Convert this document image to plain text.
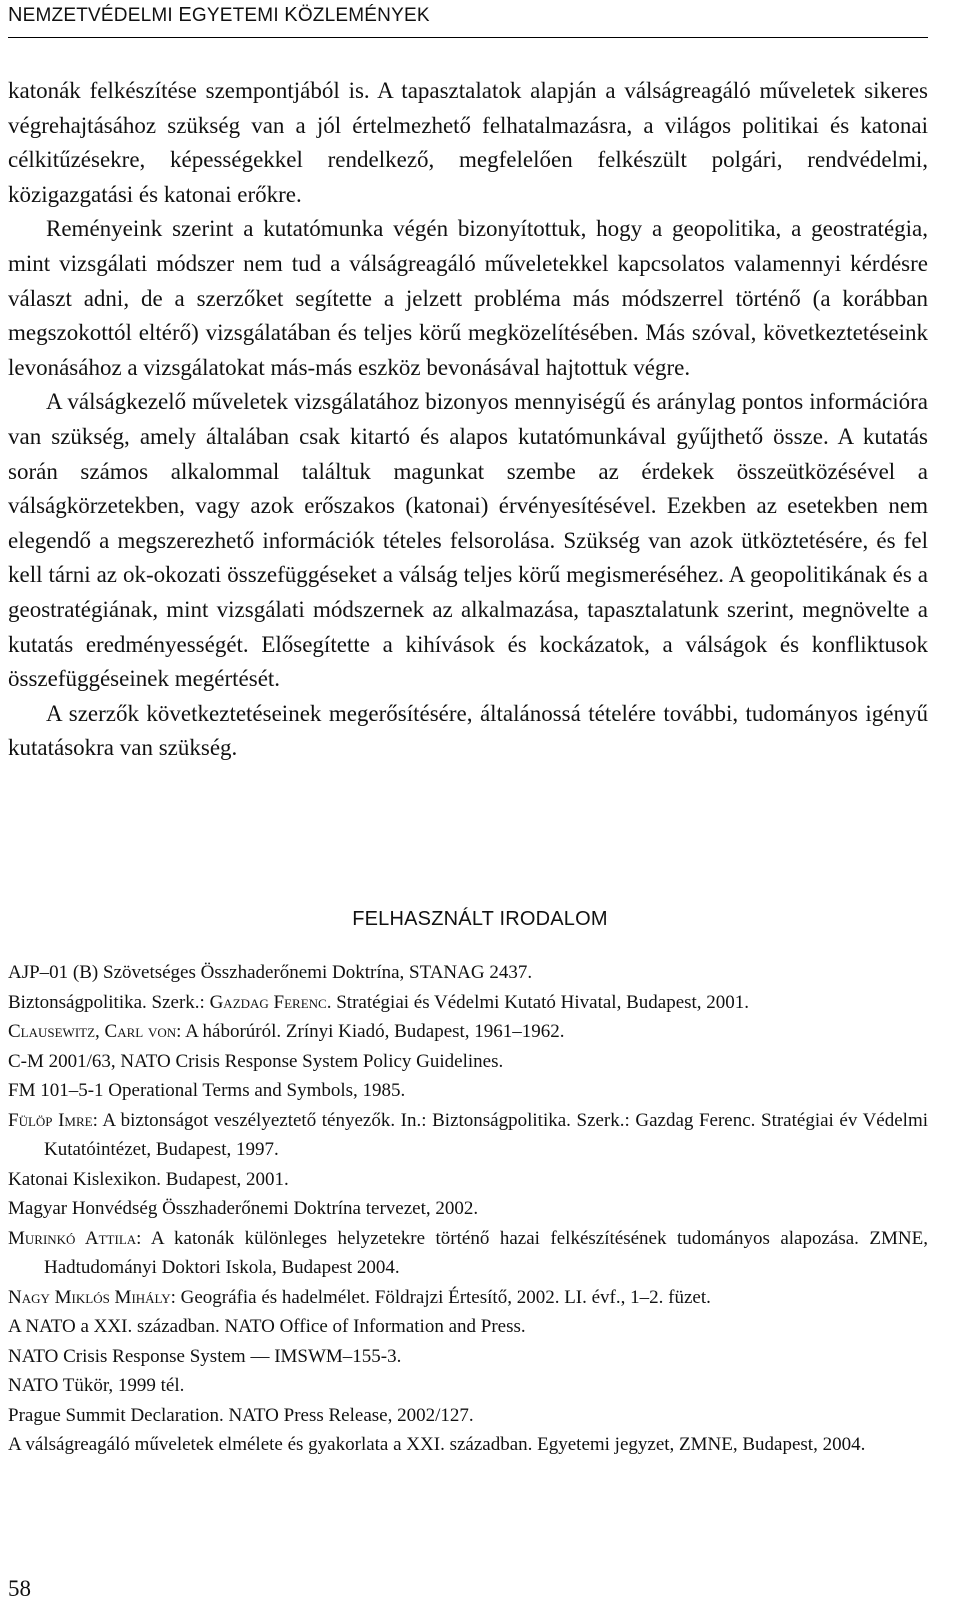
NEMZETVÉDELMI EGYETEMI KÖZLEMÉNYEK

katonák felkészítése szempontjából is. A tapasztalatok alapján a válságreagáló műveletek sikeres végrehajtásához szükség van a jól értelmezhető felhatalmazásra, a világos politikai és katonai célkitűzésekre, képességekkel rendelkező, megfelelően felkészült polgári, rendvédelmi, közigazgatási és katonai erőkre.

Reményeink szerint a kutatómunka végén bizonyítottuk, hogy a geopolitika, a geostratégia, mint vizsgálati módszer nem tud a válságreagáló műveletekkel kapcsolatos valamennyi kérdésre választ adni, de a szerzőket segítette a jelzett probléma más módszerrel történő (a korábban megszokottól eltérő) vizsgálatában és teljes körű megközelítésében. Más szóval, következtetéseink levonásához a vizsgálatokat más-más eszköz bevonásával hajtottuk végre.

A válságkezelő műveletek vizsgálatához bizonyos mennyiségű és aránylag pontos információra van szükség, amely általában csak kitartó és alapos kutatómunkával gyűjthető össze. A kutatás során számos alkalommal találtuk magunkat szembe az érdekek összeütközésével a válságkörzetekben, vagy azok erőszakos (katonai) érvényesítésével. Ezekben az esetekben nem elegendő a megszerezhető információk tételes felsorolása. Szükség van azok ütköztetésére, és fel kell tárni az ok-okozati összefüggéseket a válság teljes körű megismeréséhez. A geopolitikának és a geostratégiának, mint vizsgálati módszernek az alkalmazása, tapasztalatunk szerint, megnövelte a kutatás eredményességét. Elősegítette a kihívások és kockázatok, a válságok és konfliktusok összefüggéseinek megértését.

A szerzők következtetéseinek megerősítésére, általánossá tételére további, tudományos igényű kutatásokra van szükség.

FELHASZNÁLT IRODALOM
AJP–01 (B) Szövetséges Összhaderőnemi Doktrína, STANAG 2437.
Biztonságpolitika. Szerk.: Gazdag Ferenc. Stratégiai és Védelmi Kutató Hivatal, Budapest, 2001.
Clausewitz, Carl von: A háborúról. Zrínyi Kiadó, Budapest, 1961–1962.
C-M 2001/63, NATO Crisis Response System Policy Guidelines.
FM 101–5-1 Operational Terms and Symbols, 1985.
Fülöp Imre: A biztonságot veszélyeztető tényezők. In.: Biztonságpolitika. Szerk.: Gazdag Ferenc. Stratégiai év Védelmi Kutatóintézet, Budapest, 1997.
Katonai Kislexikon. Budapest, 2001.
Magyar Honvédség Összhaderőnemi Doktrína tervezet, 2002.
Murinkó Attila: A katonák különleges helyzetekre történő hazai felkészítésének tudományos alapozása. ZMNE, Hadtudományi Doktori Iskola, Budapest 2004.
Nagy Miklós Mihály: Geográfia és hadelmélet. Földrajzi Értesítő, 2002. LI. évf., 1–2. füzet.
A NATO a XXI. században. NATO Office of Information and Press.
NATO Crisis Response System –– IMSWM–155-3.
NATO Tükör, 1999 tél.
Prague Summit Declaration. NATO Press Release, 2002/127.
A válságreagáló műveletek elmélete és gyakorlata a XXI. században. Egyetemi jegyzet, ZMNE, Budapest, 2004.
58
